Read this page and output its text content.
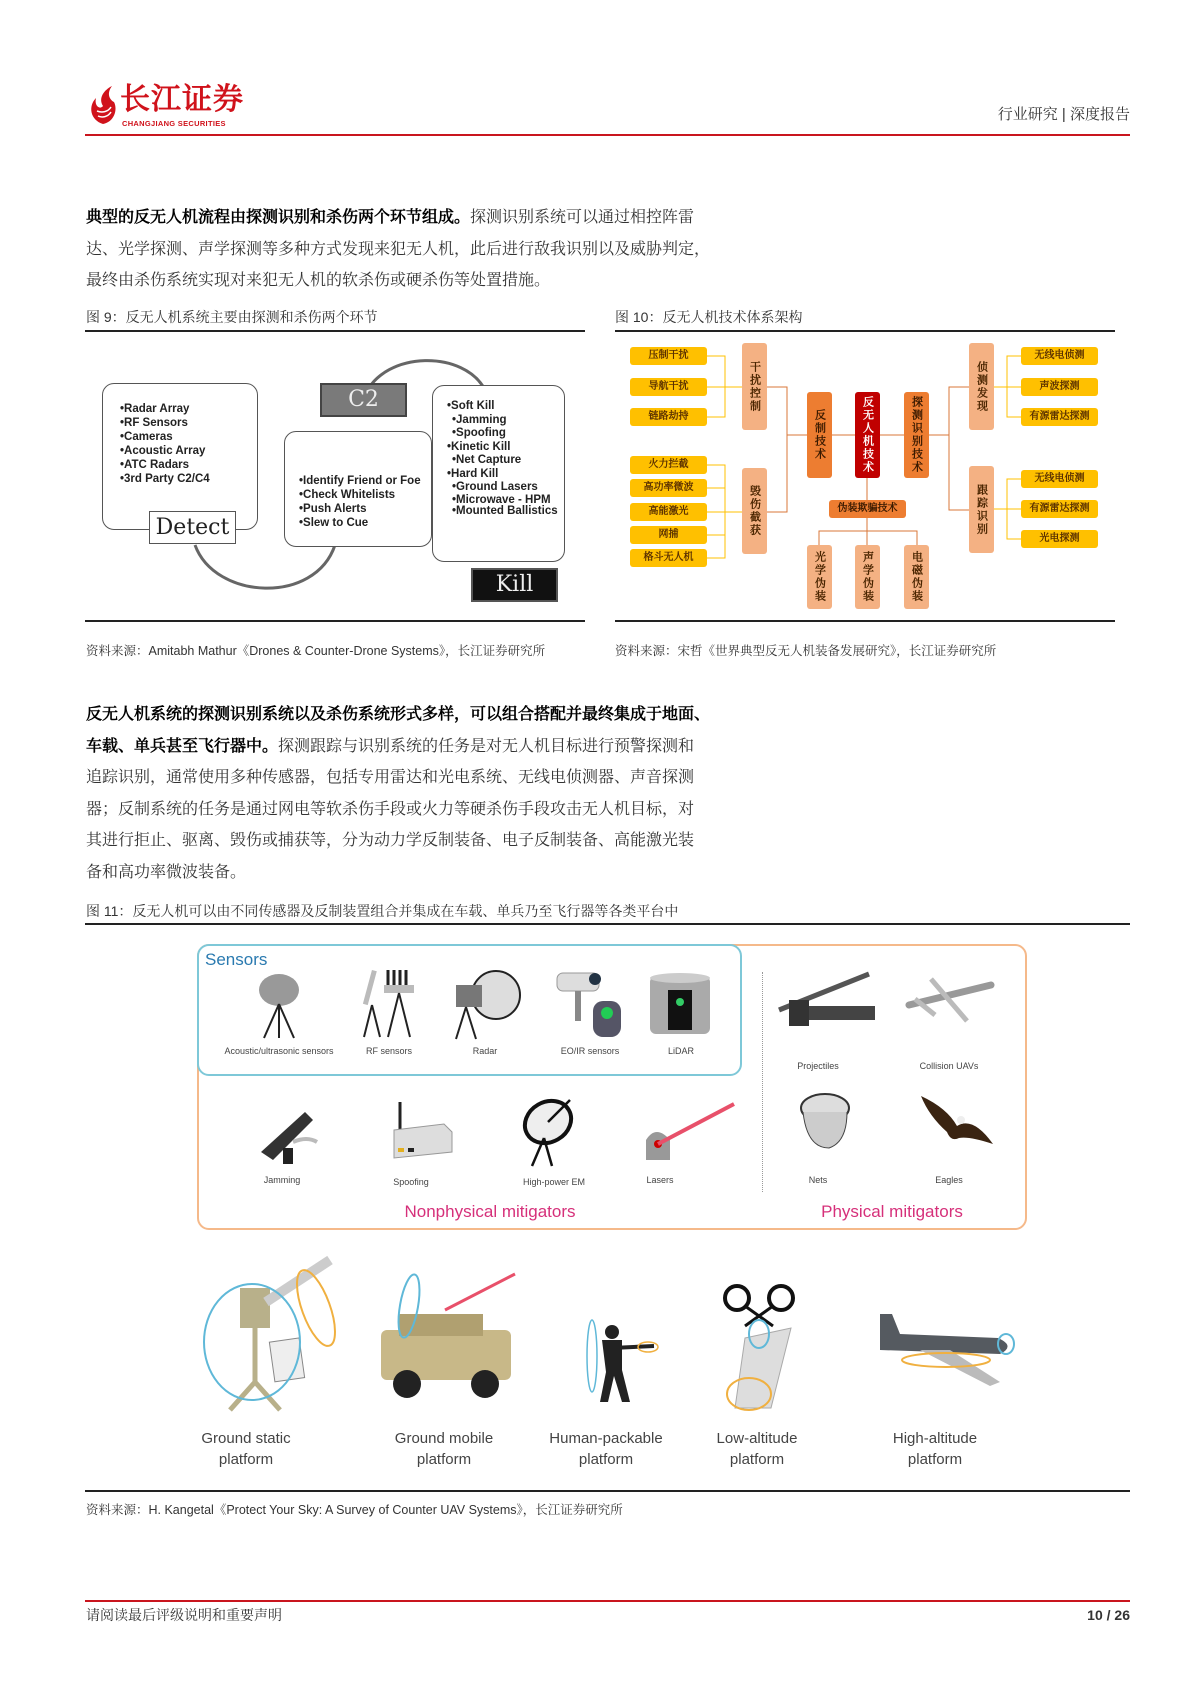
长江证券
CHANGJIANG SECURITIES
行业研究 | 深度报告
典型的反无人机流程由探测识别和杀伤两个环节组成。探测识别系统可以通过相控阵雷
达、光学探测、声学探测等多种方式发现来犯无人机，此后进行敌我识别以及威胁判定，
最终由杀伤系统实现对来犯无人机的软杀伤或硬杀伤等处置措施。
图 9：反无人机系统主要由探测和杀伤两个环节
•Radar Array
•RF Sensors
•Cameras
•Acoustic Array
•ATC Radars
•3rd Party C2/C4
Detect
C2
•Identify Friend or Foe
•Check Whitelists
•Push Alerts
•Slew to Cue
•Soft Kill
•Jamming
•Spoofing
•Kinetic Kill
•Net Capture
•Hard Kill
•Ground Lasers
•Microwave - HPM
•Mounted Ballistics
Kill
资料来源：Amitabh Mathur《Drones & Counter-Drone Systems》，长江证券研究所
图 10：反无人机技术体系架构
压制干扰
导航干扰
链路劫持
火力拦截
高功率微波
高能激光
网捕
格斗无人机
干扰控制
毁伤截获
反制技术	反无人机技术	探测识别技术
侦测发现
跟踪识别
无线电侦测
声波探测
有源雷达探测
无线电侦测
有源雷达探测
光电探测
伪装欺骗技术
光学伪装	声学伪装	电磁伪装
资料来源：宋哲《世界典型反无人机装备发展研究》，长江证券研究所
反无人机系统的探测识别系统以及杀伤系统形式多样，可以组合搭配并最终集成于地面、
车载、单兵甚至飞行器中。探测跟踪与识别系统的任务是对无人机目标进行预警探测和
追踪识别，通常使用多种传感器，包括专用雷达和光电系统、无线电侦测器、声音探测
器；反制系统的任务是通过网电等软杀伤手段或火力等硬杀伤手段攻击无人机目标，对
其进行拒止、驱离、毁伤或捕获等，分为动力学反制装备、电子反制装备、高能激光装
备和高功率微波装备。
图 11：反无人机可以由不同传感器及反制装置组合并集成在车载、单兵乃至飞行器等各类平台中
Sensors
Acoustic/ultrasonic sensors	RF sensors	Radar	EO/IR sensors	LiDAR
Jamming	Spoofing	High-power EM	Lasers
Nonphysical mitigators
Projectiles	Collision UAVs
Nets	Eagles
Physical mitigators
Ground static
platform
Ground mobile
platform
Human-packable
platform
Low-altitude
platform
High-altitude
platform
资料来源：H. Kangetal《Protect Your Sky: A Survey of Counter UAV Systems》，长江证券研究所
请阅读最后评级说明和重要声明	10 / 26
